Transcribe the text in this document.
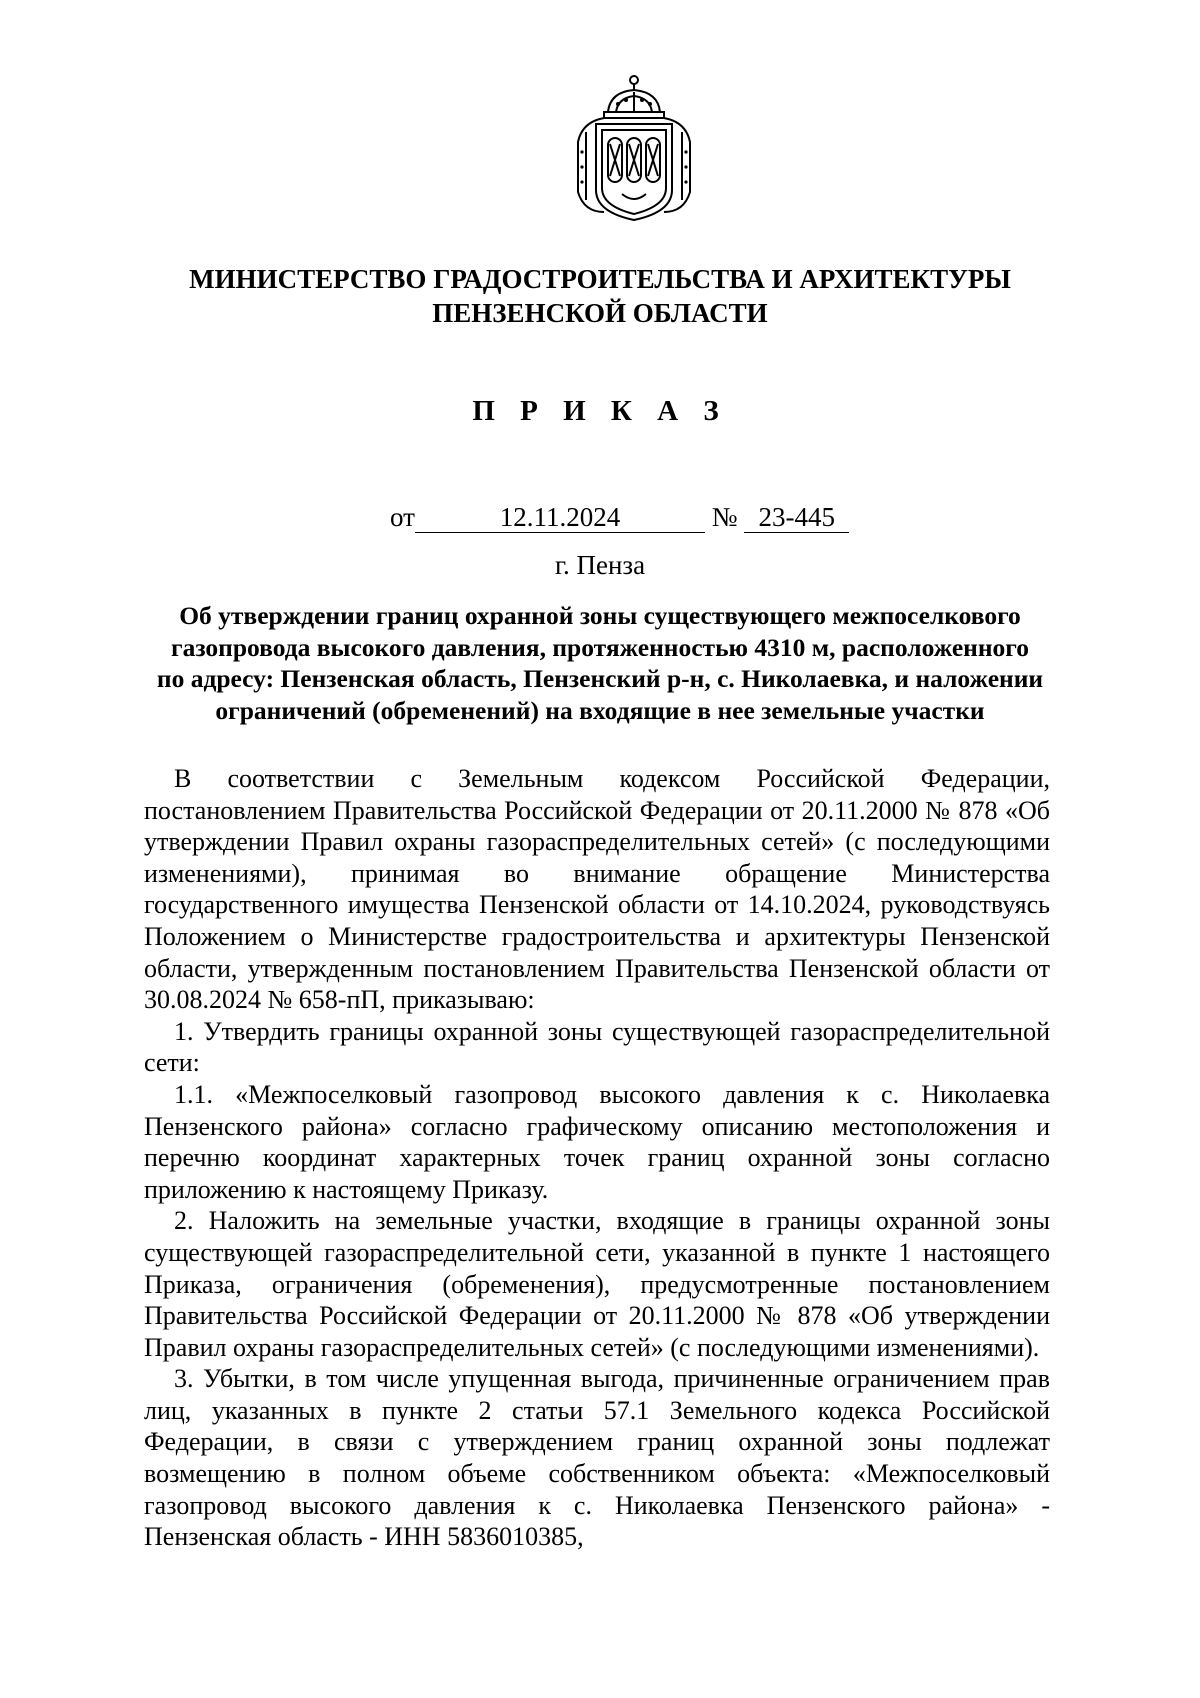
МИНИСТЕРСТВО ГРАДОСТРОИТЕЛЬСТВА И АРХИТЕКТУРЫ
ПЕНЗЕНСКОЙ ОБЛАСТИ
П Р И К А З
от	12.11.2024	№ 23-445
г. Пенза
Об утверждении границ охранной зоны существующего межпоселкового
газопровода высокого давления, протяженностью 4310 м, расположенного
по адресу: Пензенская область, Пензенский р-н, с. Николаевка, и наложении
ограничений (обременений) на входящие в нее земельные участки

В соответствии с Земельным кодексом Российской Федерации, постановлением Правительства Российской Федерации от 20.11.2000 № 878 «Об утверждении Правил охраны газораспределительных сетей» (с последующими изменениями), принимая во внимание обращение Министерства государственного имущества Пензенской области от 14.10.2024, руководствуясь Положением о Министерстве градостроительства и архитектуры Пензенской области, утвержденным постановлением Правительства Пензенской области от 30.08.2024 № 658-пП, приказываю:

1. Утвердить границы охранной зоны существующей газораспределительной сети:

1.1. «Межпоселковый газопровод высокого давления к с. Николаевка Пензенского района» согласно графическому описанию местоположения и перечню координат характерных точек границ охранной зоны согласно приложению к настоящему Приказу.

2. Наложить на земельные участки, входящие в границы охранной зоны существующей газораспределительной сети, указанной в пункте 1 настоящего Приказа, ограничения (обременения), предусмотренные постановлением Правительства Российской Федерации от 20.11.2000 № 878 «Об утверждении Правил охраны газораспределительных сетей» (с последующими изменениями).

3. Убытки, в том числе упущенная выгода, причиненные ограничением прав лиц, указанных в пункте 2 статьи 57.1 Земельного кодекса Российской Федерации, в связи с утверждением границ охранной зоны подлежат возмещению в полном объеме собственником объекта: «Межпоселковый газопровод высокого давления к с. Николаевка Пензенского района» - Пензенская область - ИНН 5836010385,
